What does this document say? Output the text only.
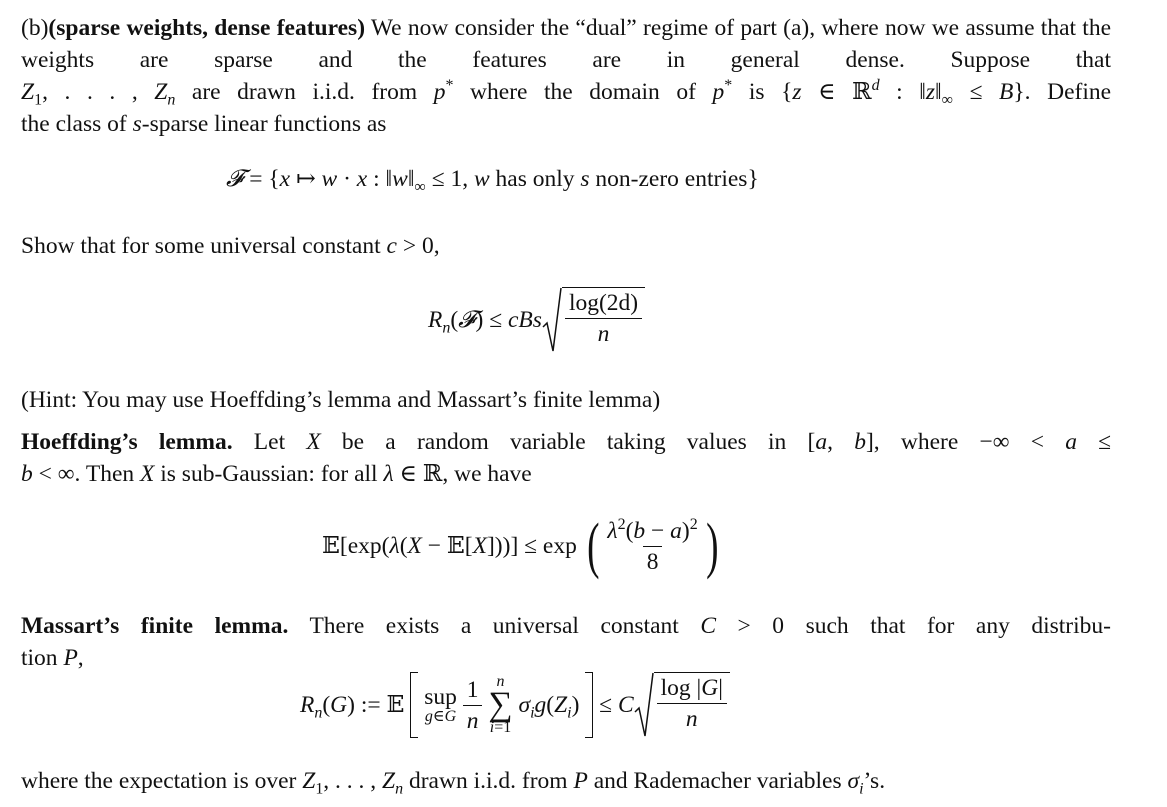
(b)(sparse weights, dense features) We now consider the “dual” regime of part (a), where now we assume that the weights are sparse and the features are in general dense. Suppose that
$Z_1$, . . . , $Z_n$ are drawn i.i.d. from p* where the domain of p* is {z ∈ ℝ$^d$ : $‖z‖_\infty \le B$}. Define
the class of s-sparse linear functions as
𝓕 = {x ↦ w · x : $‖w‖_\infty \le 1$, w has only s non-zero entries}
Show that for some universal constant c > 0,
$R_n(𝓕)$ ≤ cBs $\frac{\log(2d)}{n}$
(Hint: You may use Hoeffding’s lemma and Massart’s finite lemma)
Hoeffding’s lemma. Let X be a random variable taking values in [a, b], where −∞ < a ≤
b < ∞. Then X is sub-Gaussian: for all λ ∈ ℝ, we have
𝔼[exp(λ(X − 𝔼[X]))] ≤ exp ( $\frac{\lambda^2(b - a)^2}{8}$ )
Massart’s finite lemma. There exists a universal constant C > 0 such that for any distribu-
tion P,
$R_n(G)$ := 𝔼 sup
g∈G
$\frac{1}{n}$
n
∑
i=1
$\sigma_ig(Z_i) \le C \frac{\log |G|}{n}$
where the expectation is over $Z_1$, . . . , $Z_n$ drawn i.i.d. from P and Rademacher variables $\sigma_i’s$.
